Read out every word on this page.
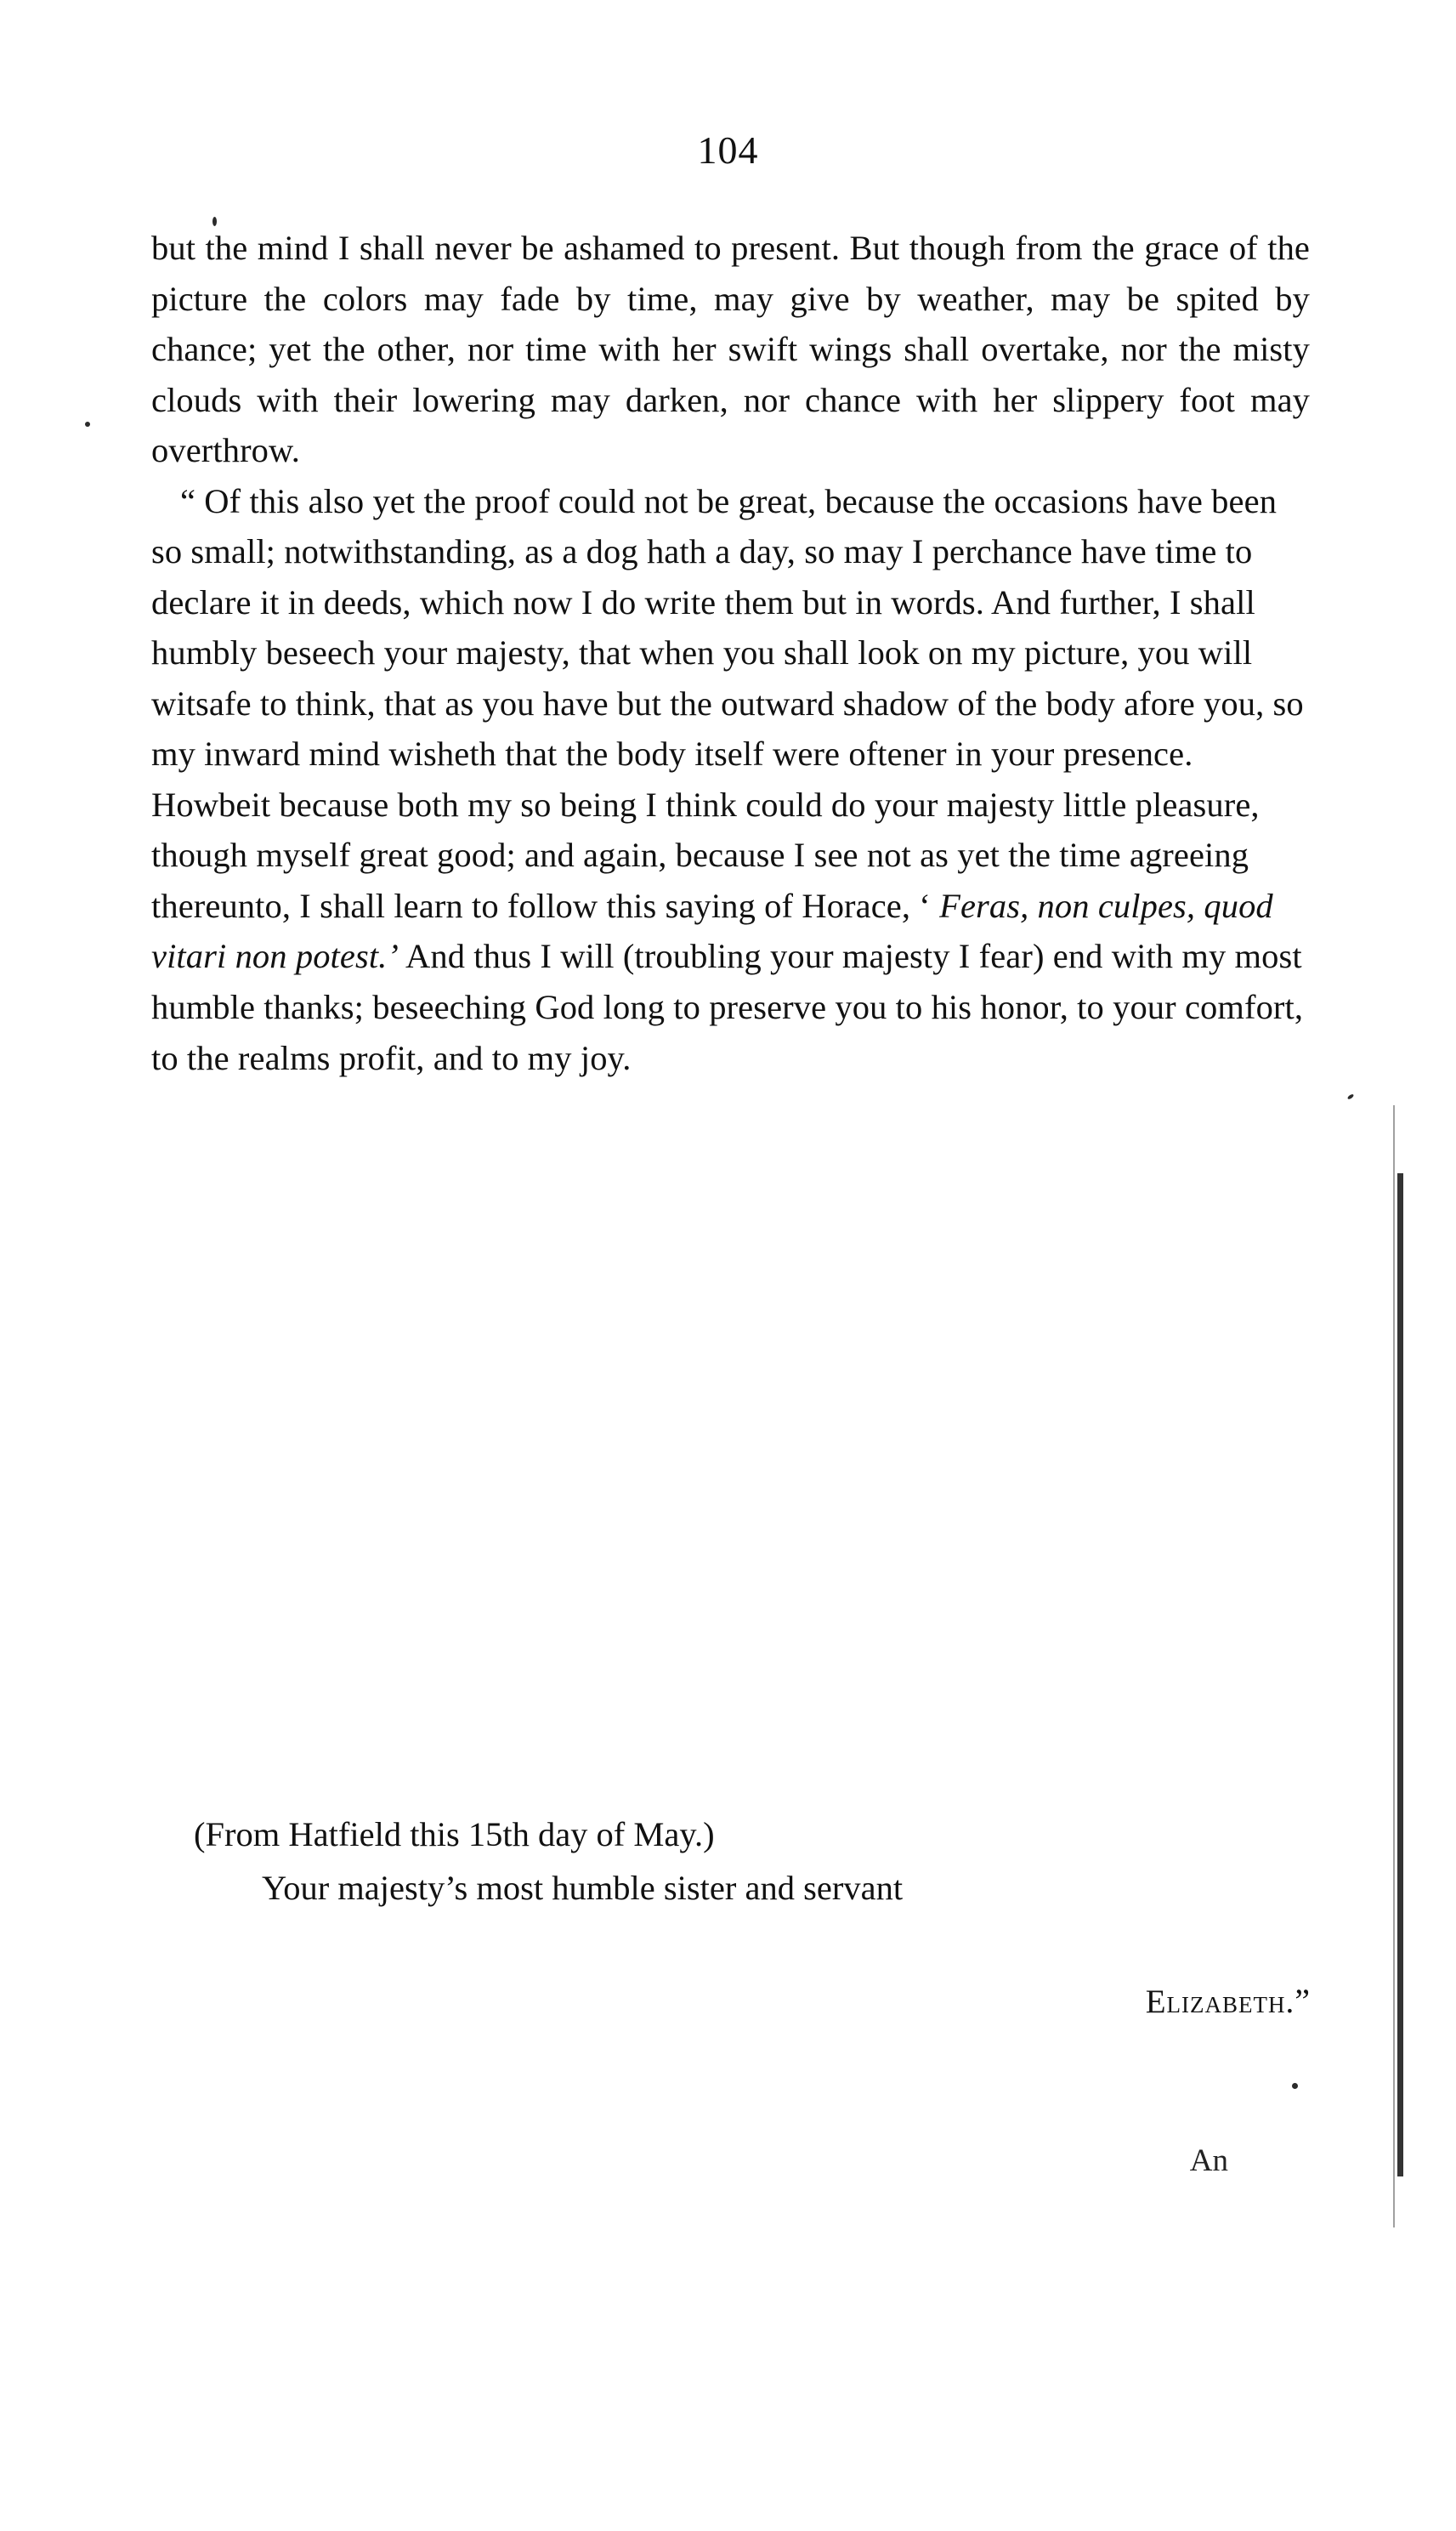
104

but the mind I shall never be ashamed to present. But though from the grace of the picture the colors may fade by time, may give by weather, may be spited by chance; yet the other, nor time with her swift wings shall overtake, nor the misty clouds with their lowering may darken, nor chance with her slippery foot may overthrow.

“ Of this also yet the proof could not be great, because the occasions have been so small; notwithstanding, as a dog hath a day, so may I perchance have time to declare it in deeds, which now I do write them but in words. And further, I shall humbly beseech your majesty, that when you shall look on my picture, you will witsafe to think, that as you have but the outward shadow of the body afore you, so my inward mind wisheth that the body itself were oftener in your presence. Howbeit because both my so being I think could do your majesty little pleasure, though myself great good; and again, because I see not as yet the time agreeing thereunto, I shall learn to follow this saying of Horace, ‘ Feras, non culpes, quod vitari non potest.’ And thus I will (troubling your majesty I fear) end with my most humble thanks; beseeching God long to preserve you to his honor, to your comfort, to the realms profit, and to my joy.

(From Hatfield this 15th day of May.)

Your majesty’s most humble sister and servant

Elizabeth.”
An
